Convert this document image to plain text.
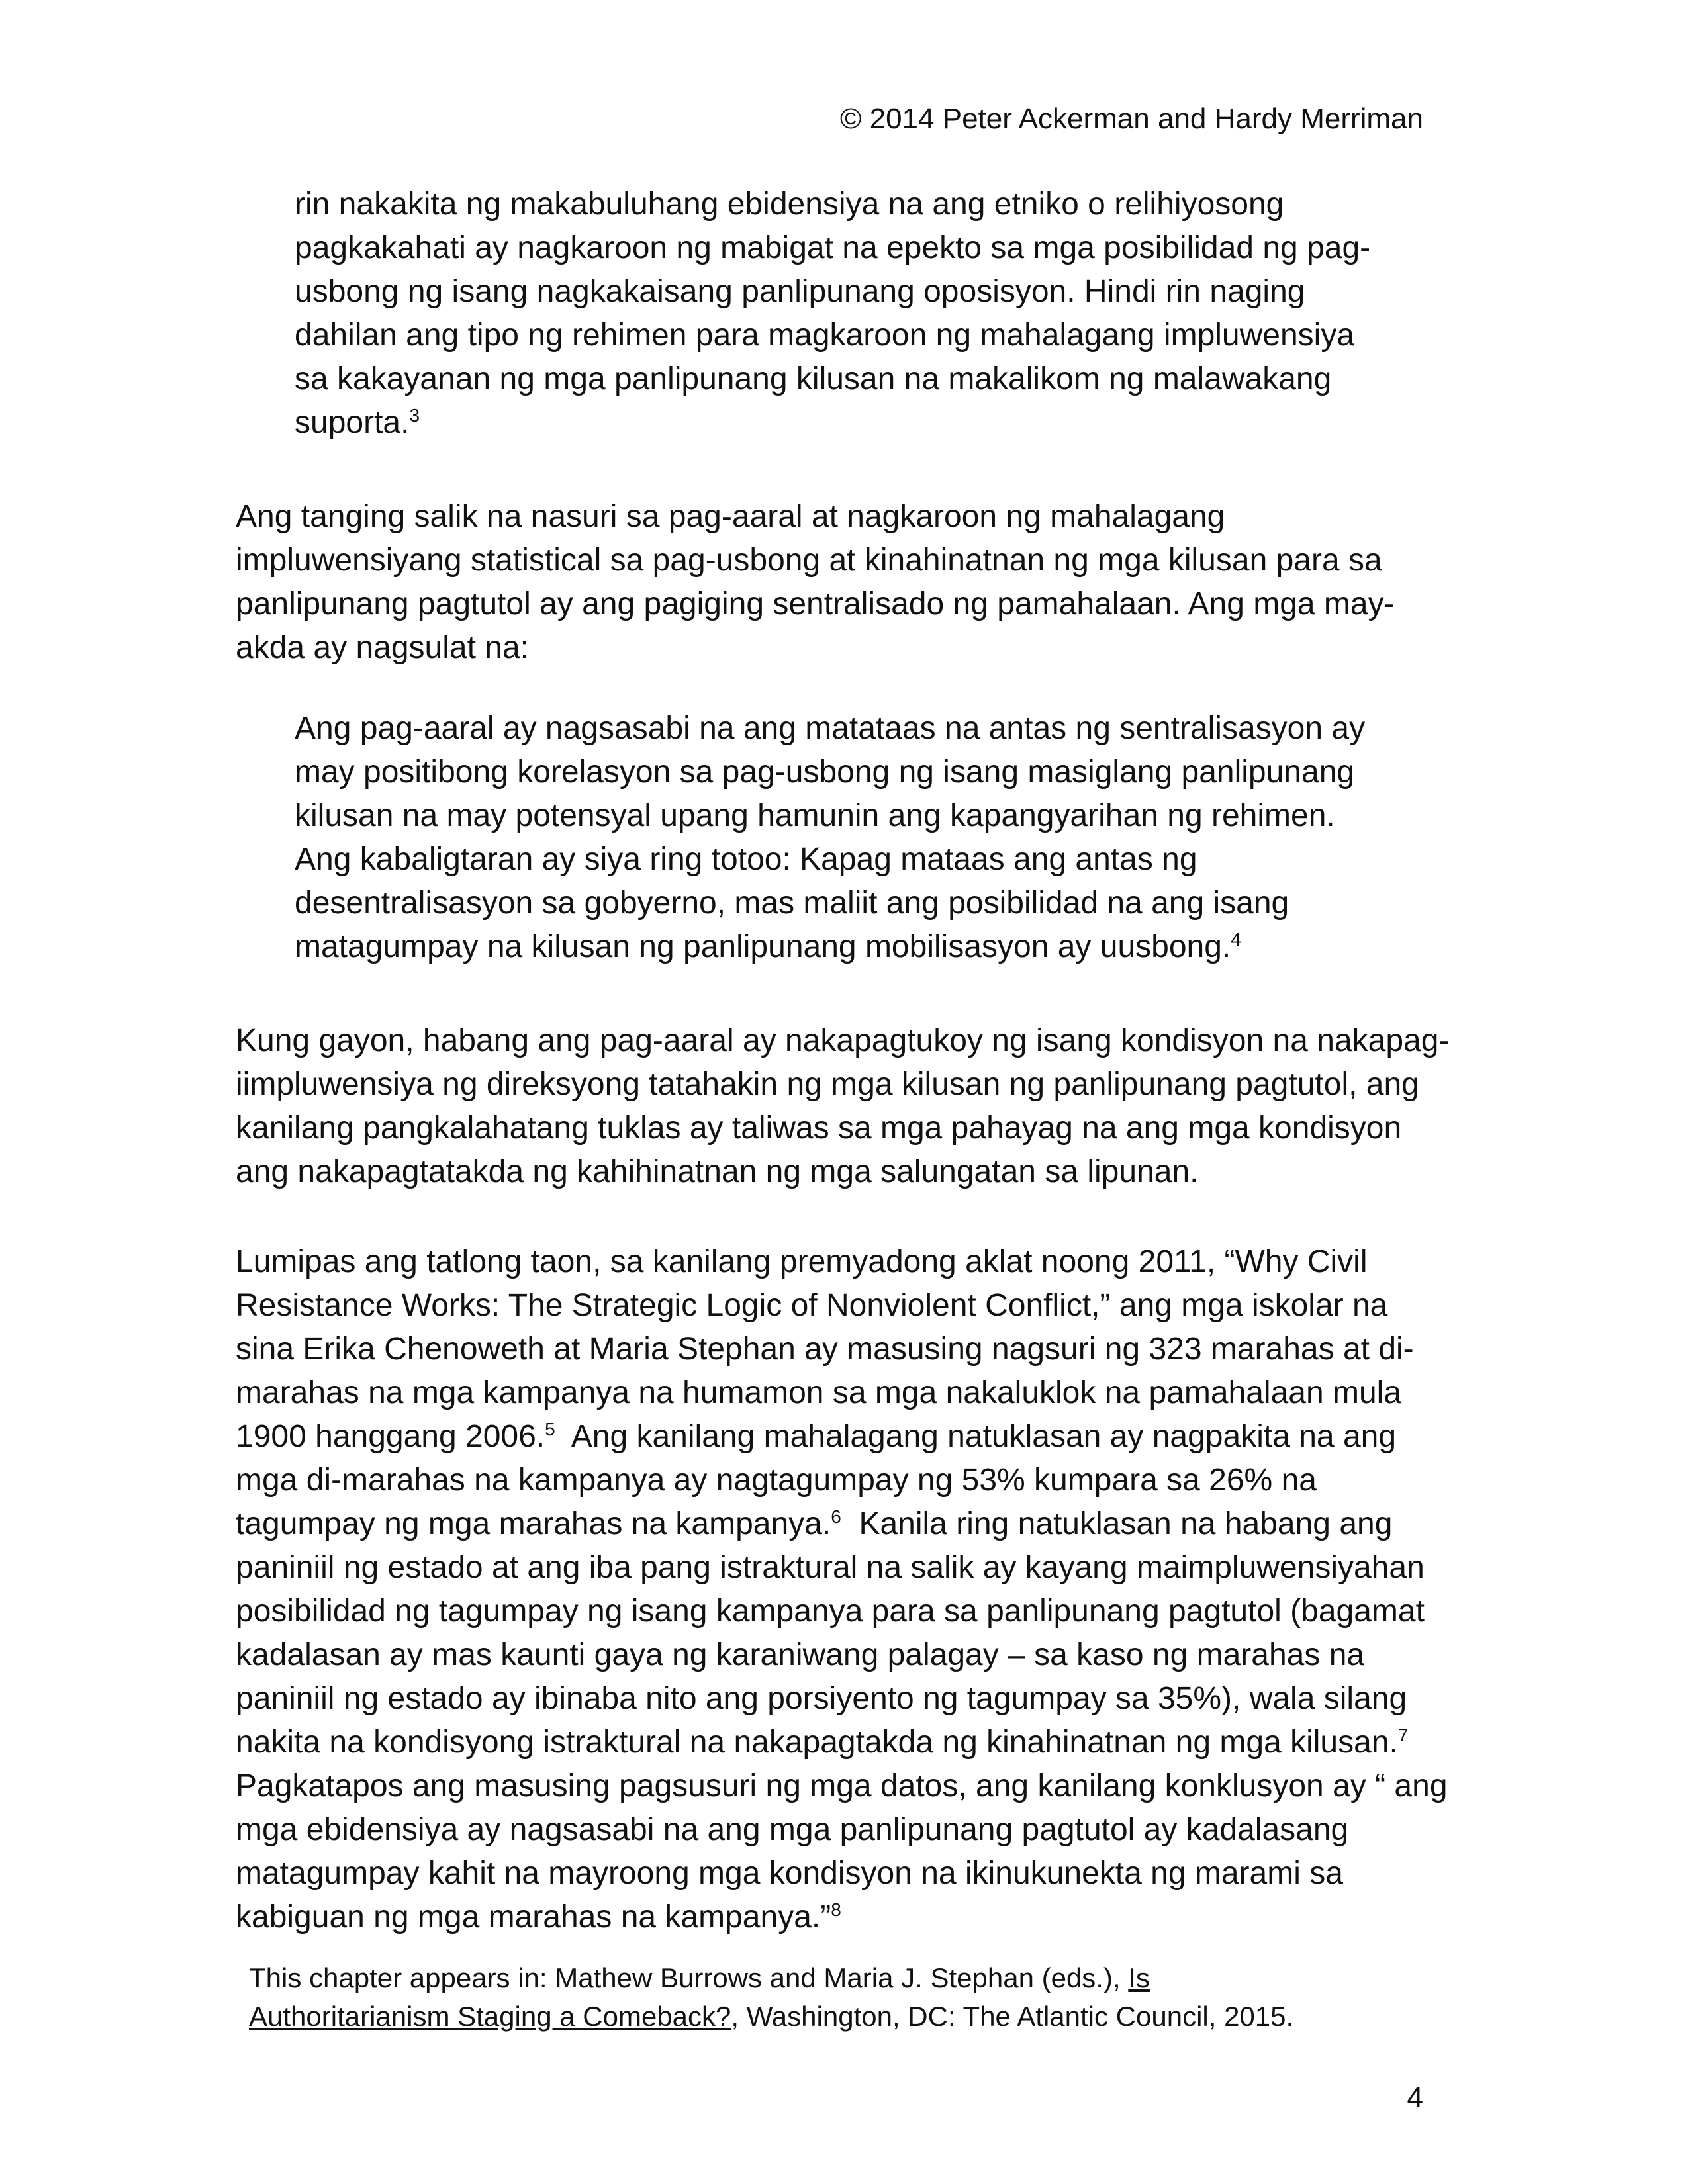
© 2014 Peter Ackerman and Hardy Merriman
rin nakakita ng makabuluhang ebidensiya na ang etniko o relihiyosong
pagkakahati ay nagkaroon ng mabigat na epekto sa mga posibilidad ng pag-
usbong ng isang nagkakaisang panlipunang oposisyon. Hindi rin naging
dahilan ang tipo ng rehimen para magkaroon ng mahalagang impluwensiya
sa kakayanan ng mga panlipunang kilusan na makalikom ng malawakang
suporta.$^3$
Ang tanging salik na nasuri sa pag-aaral at nagkaroon ng mahalagang
impluwensiyang statistical sa pag-usbong at kinahinatnan ng mga kilusan para sa
panlipunang pagtutol ay ang pagiging sentralisado ng pamahalaan. Ang mga may-
akda ay nagsulat na:
Ang pag-aaral ay nagsasabi na ang matataas na antas ng sentralisasyon ay
may positibong korelasyon sa pag-usbong ng isang masiglang panlipunang
kilusan na may potensyal upang hamunin ang kapangyarihan ng rehimen.
Ang kabaligtaran ay siya ring totoo: Kapag mataas ang antas ng
desentralisasyon sa gobyerno, mas maliit ang posibilidad na ang isang
matagumpay na kilusan ng panlipunang mobilisasyon ay uusbong.$^4$
Kung gayon, habang ang pag-aaral ay nakapagtukoy ng isang kondisyon na nakapag-
iimpluwensiya ng direksyong tatahakin ng mga kilusan ng panlipunang pagtutol, ang
kanilang pangkalahatang tuklas ay taliwas sa mga pahayag na ang mga kondisyon
ang nakapagtatakda ng kahihinatnan ng mga salungatan sa lipunan.
Lumipas ang tatlong taon, sa kanilang premyadong aklat noong 2011, “Why Civil
Resistance Works: The Strategic Logic of Nonviolent Conflict,” ang mga iskolar na
sina Erika Chenoweth at Maria Stephan ay masusing nagsuri ng 323 marahas at di-
marahas na mga kampanya na humamon sa mga nakaluklok na pamahalaan mula
1900 hanggang 2006.$^5$  Ang kanilang mahalagang natuklasan ay nagpakita na ang
mga di-marahas na kampanya ay nagtagumpay ng 53% kumpara sa 26% na
tagumpay ng mga marahas na kampanya.$^6$  Kanila ring natuklasan na habang ang
paniniil ng estado at ang iba pang istraktural na salik ay kayang maimpluwensiyahan
posibilidad ng tagumpay ng isang kampanya para sa panlipunang pagtutol (bagamat
kadalasan ay mas kaunti gaya ng karaniwang palagay – sa kaso ng marahas na
paniniil ng estado ay ibinaba nito ang porsiyento ng tagumpay sa 35%), wala silang
nakita na kondisyong istraktural na nakapagtakda ng kinahinatnan ng mga kilusan.$^7$
Pagkatapos ang masusing pagsusuri ng mga datos, ang kanilang konklusyon ay “ ang
mga ebidensiya ay nagsasabi na ang mga panlipunang pagtutol ay kadalasang
matagumpay kahit na mayroong mga kondisyon na ikinukunekta ng marami sa
kabiguan ng mga marahas na kampanya.”$^8$
This chapter appears in: Mathew Burrows and Maria J. Stephan (eds.), Is
Authoritarianism Staging a Comeback?, Washington, DC: The Atlantic Council, 2015.
4
